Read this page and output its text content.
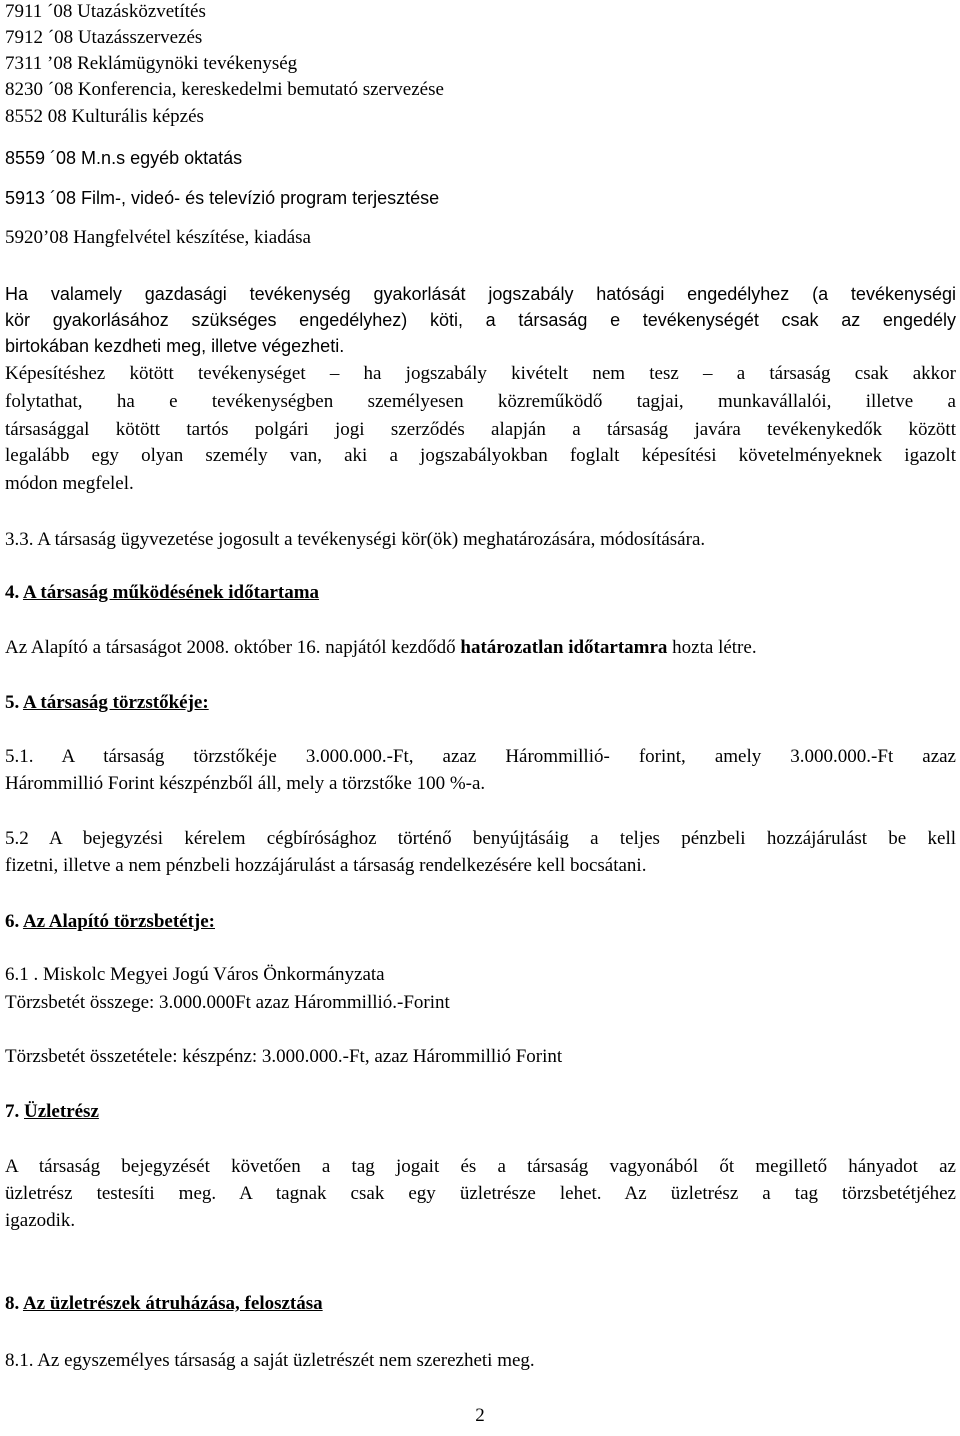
7911 ´08 Utazásközvetítés

7912 ´08 Utazásszervezés

7311 ’08 Reklámügynöki tevékenység

8230 ´08 Konferencia, kereskedelmi bemutató szervezése

8552 08 Kulturális képzés

8559 ´08 M.n.s egyéb oktatás

5913 ´08 Film-, videó- és televízió program terjesztése

5920’08 Hangfelvétel készítése, kiadása

Ha valamely gazdasági tevékenység gyakorlását jogszabály hatósági engedélyhez (a tevékenységi

kör gyakorlásához szükséges engedélyhez) köti, a társaság e tevékenységét csak az engedély

birtokában kezdheti meg, illetve végezheti.

Képesítéshez kötött tevékenységet – ha jogszabály kivételt nem tesz – a társaság csak akkor

folytathat, ha e tevékenységben személyesen közreműködő tagjai, munkavállalói, illetve a

társasággal kötött tartós polgári jogi szerződés alapján a társaság javára tevékenykedők között

legalább egy olyan személy van, aki a jogszabályokban foglalt képesítési követelményeknek igazolt

módon megfelel.

3.3. A társaság ügyvezetése jogosult a tevékenységi kör(ök) meghatározására, módosítására.

4. A társaság működésének időtartama

Az Alapító a társaságot 2008. október 16. napjától kezdődő határozatlan időtartamra hozta létre.

5. A társaság törzstőkéje:

5.1. A társaság törzstőkéje 3.000.000.-Ft, azaz Hárommillió- forint, amely 3.000.000.-Ft azaz

Hárommillió Forint készpénzből áll, mely a törzstőke 100 %-a.

5.2 A bejegyzési kérelem cégbírósághoz történő benyújtásáig a teljes pénzbeli hozzájárulást be kell

fizetni, illetve a nem pénzbeli hozzájárulást a társaság rendelkezésére kell bocsátani.

6. Az Alapító törzsbetétje:

6.1 . Miskolc Megyei Jogú Város Önkormányzata

Törzsbetét összege: 3.000.000Ft azaz Hárommillió.-Forint

Törzsbetét összetétele: készpénz: 3.000.000.-Ft, azaz Hárommillió Forint

7. Üzletrész

A társaság bejegyzését követően a tag jogait és a társaság vagyonából őt megillető hányadot az

üzletrész testesíti meg. A tagnak csak egy üzletrésze lehet. Az üzletrész a tag törzsbetétjéhez

igazodik.

8. Az üzletrészek átruházása, felosztása

8.1. Az egyszemélyes társaság a saját üzletrészét nem szerezheti meg.

2
